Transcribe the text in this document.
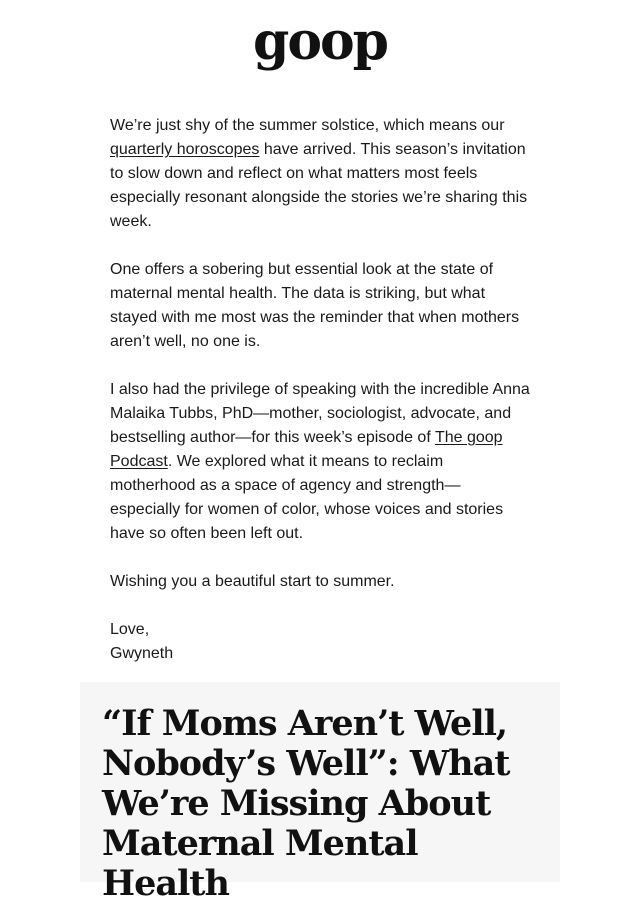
goop

We’re just shy of the summer solstice, which means our quarterly horoscopes have arrived. This season’s invitation to slow down and reflect on what matters most feels especially resonant alongside the stories we’re sharing this week.

One offers a sobering but essential look at the state of maternal mental health. The data is striking, but what stayed with me most was the reminder that when mothers aren’t well, no one is.

I also had the privilege of speaking with the incredible Anna Malaika Tubbs, PhD—mother, sociologist, advocate, and bestselling author—for this week’s episode of The goop Podcast. We explored what it means to reclaim motherhood as a space of agency and strength—especially for women of color, whose voices and stories have so often been left out.

Wishing you a beautiful start to summer.

Love,
Gwyneth
“If Moms Aren’t Well, Nobody’s Well”: What We’re Missing About Maternal Mental Health
